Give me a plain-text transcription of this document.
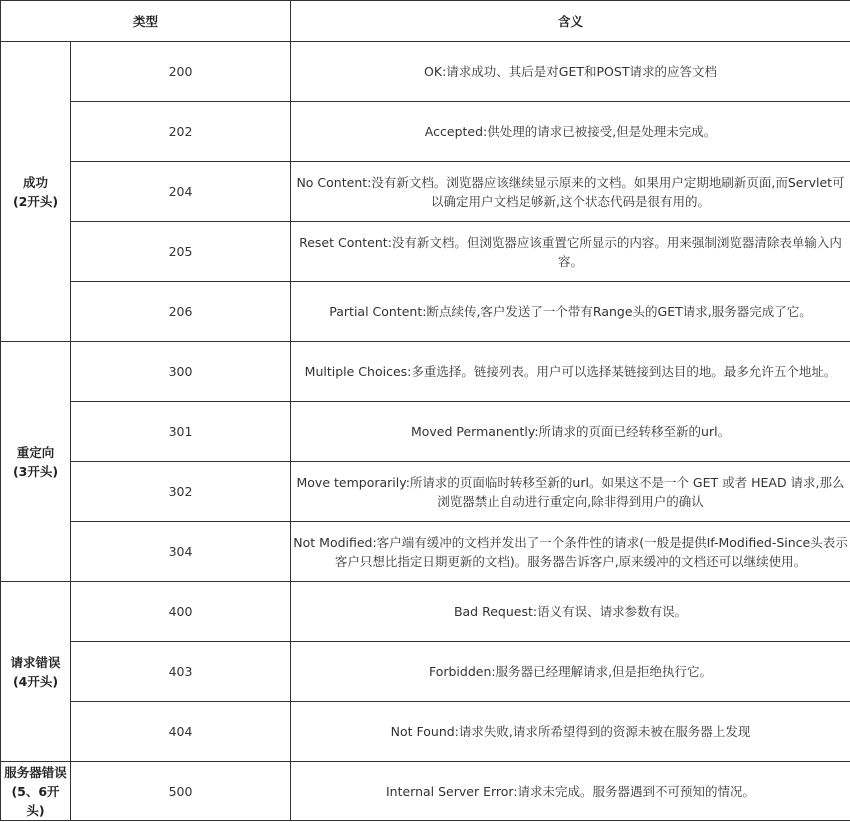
类型		含义

成功
(2开头)	200	OK:请求成功、其后是对GET和POST请求的应答文档
	202	Accepted:供处理的请求已被接受,但是处理未完成。
	204	No Content:没有新文档。浏览器应该继续显示原来的文档。如果用户定期地刷新页面,而Servlet可以确定用户文档足够新,这个状态代码是很有用的。
	205	Reset Content:没有新文档。但浏览器应该重置它所显示的内容。用来强制浏览器清除表单输入内容。
	206	Partial Content:断点续传,客户发送了一个带有Range头的GET请求,服务器完成了它。

重定向
(3开头)	300	Multiple Choices:多重选择。链接列表。用户可以选择某链接到达目的地。最多允许五个地址。
	301	Moved Permanently:所请求的页面已经转移至新的url。
	302	Move temporarily:所请求的页面临时转移至新的url。如果这不是一个 GET 或者 HEAD 请求,那么浏览器禁止自动进行重定向,除非得到用户的确认
	304	Not Modified:客户端有缓冲的文档并发出了一个条件性的请求(一般是提供If-Modified-Since头表示客户只想比指定日期更新的文档)。服务器告诉客户,原来缓冲的文档还可以继续使用。

请求错误
(4开头)	400	Bad Request:语义有误、请求参数有误。
	403	Forbidden:服务器已经理解请求,但是拒绝执行它。
	404	Not Found:请求失败,请求所希望得到的资源未被在服务器上发现

服务器错误
(5、6开头)	500	Internal Server Error:请求未完成。服务器遇到不可预知的情况。
